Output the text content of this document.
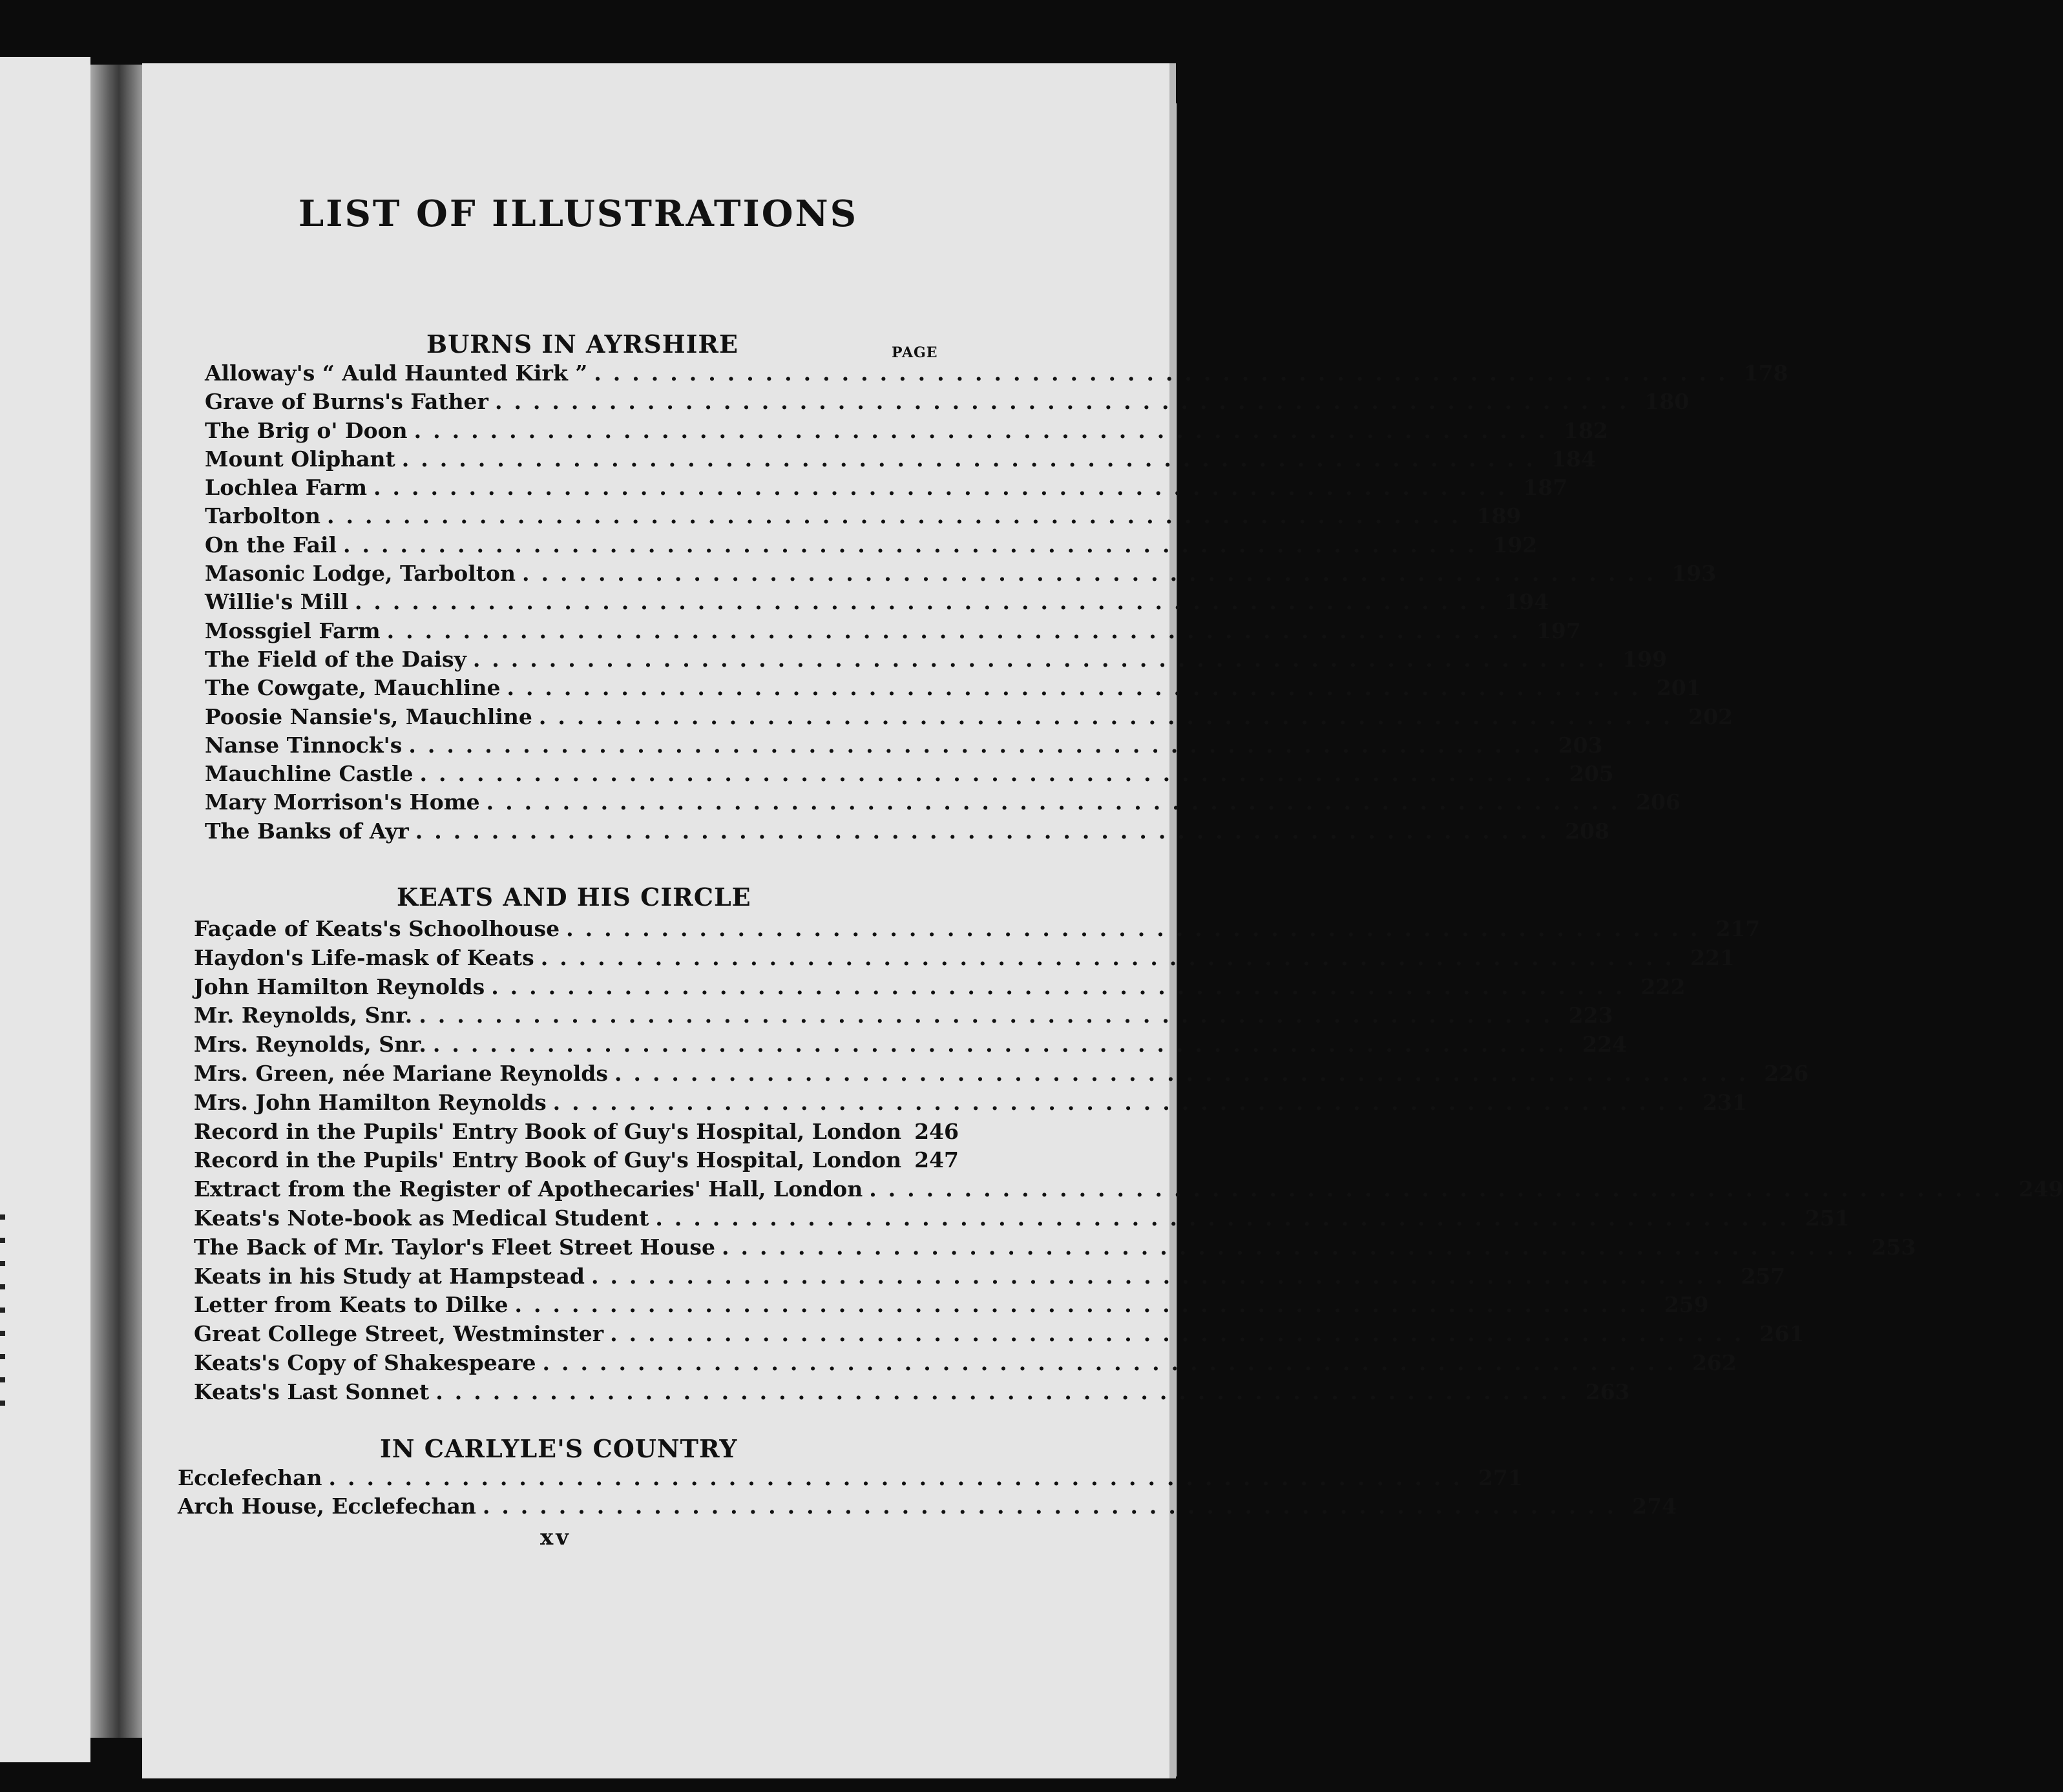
LIST OF ILLUSTRATIONS
BURNS IN AYRSHIRE	PAGE
Alloway's “ Auld Haunted Kirk ” ............................................................ 178
Grave of Burns's Father ............................................................ 180
The Brig o' Doon ............................................................ 182
Mount Oliphant ............................................................ 184
Lochlea Farm ............................................................ 187
Tarbolton ............................................................ 189
On the Fail ............................................................ 192
Masonic Lodge, Tarbolton ............................................................ 193
Willie's Mill ............................................................ 194
Mossgiel Farm ............................................................ 197
The Field of the Daisy ............................................................ 199
The Cowgate, Mauchline ............................................................ 201
Poosie Nansie's, Mauchline ............................................................ 202
Nanse Tinnock's ............................................................ 203
Mauchline Castle ............................................................ 205
Mary Morrison's Home ............................................................ 206
The Banks of Ayr ............................................................ 208
KEATS AND HIS CIRCLE
Façade of Keats's Schoolhouse ............................................................ 217
Haydon's Life-mask of Keats ............................................................ 221
John Hamilton Reynolds ............................................................ 222
Mr. Reynolds, Snr. ............................................................ 223
Mrs. Reynolds, Snr. ............................................................ 224
Mrs. Green, née Mariane Reynolds ............................................................ 226
Mrs. John Hamilton Reynolds ............................................................ 231
Record in the Pupils' Entry Book of Guy's Hospital, London 246
Record in the Pupils' Entry Book of Guy's Hospital, London 247
Extract from the Register of Apothecaries' Hall, London ............................................................ 249
Keats's Note-book as Medical Student ............................................................ 251
The Back of Mr. Taylor's Fleet Street House ............................................................ 253
Keats in his Study at Hampstead ............................................................ 257
Letter from Keats to Dilke ............................................................ 259
Great College Street, Westminster ............................................................ 261
Keats's Copy of Shakespeare ............................................................ 262
Keats's Last Sonnet ............................................................ 263
IN CARLYLE'S COUNTRY
Ecclefechan ............................................................ 271
Arch House, Ecclefechan ............................................................ 274
xv
